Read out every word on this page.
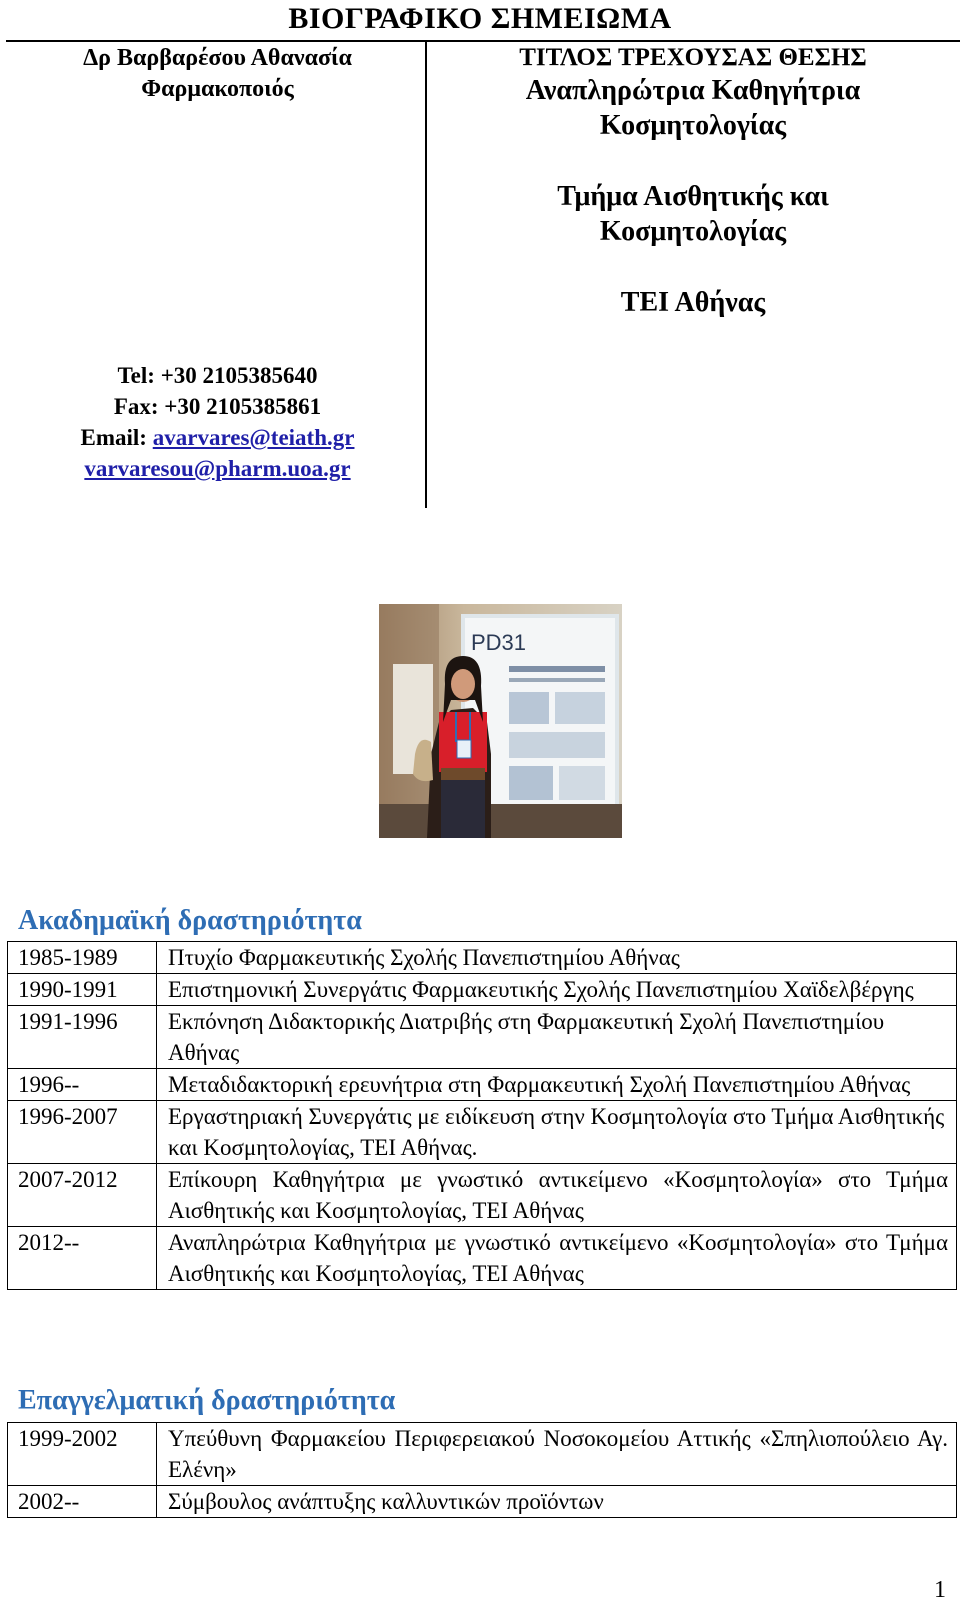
ΒΙΟΓΡΑΦΙΚΟ ΣΗΜΕΙΩΜΑ
Δρ Βαρβαρέσου Αθανασία
Φαρμακοποιός
ΤΙΤΛΟΣ ΤΡΕΧΟΥΣΑΣ ΘΕΣΗΣ
Αναπληρώτρια Καθηγήτρια
Κοσμητολογίας
Τμήμα Αισθητικής και
Κοσμητολογίας
ΤΕΙ Αθήνας
Tel: +30 2105385640
Fax: +30 2105385861
Email: avarvares@teiath.gr
varvaresou@pharm.uoa.gr
PD31
Ακαδημαϊκή δραστηριότητα
1985-1989	Πτυχίο Φαρμακευτικής Σχολής Πανεπιστημίου Αθήνας
1990-1991	Επιστημονική Συνεργάτις Φαρμακευτικής Σχολής Πανεπιστημίου Χαϊδελβέργης
1991-1996	Εκπόνηση Διδακτορικής Διατριβής στη Φαρμακευτική Σχολή Πανεπιστημίου Αθήνας
1996--	Μεταδιδακτορική ερευνήτρια στη Φαρμακευτική Σχολή Πανεπιστημίου Αθήνας
1996-2007	Εργαστηριακή Συνεργάτις με ειδίκευση στην Κοσμητολογία στο Τμήμα Αισθητικής και Κοσμητολογίας, ΤΕΙ Αθήνας.
2007-2012	Επίκουρη Καθηγήτρια με γνωστικό αντικείμενο «Κοσμητολογία» στο Τμήμα Αισθητικής και Κοσμητολογίας, ΤΕΙ Αθήνας
2012--	Αναπληρώτρια Καθηγήτρια με γνωστικό αντικείμενο «Κοσμητολογία» στο Τμήμα Αισθητικής και Κοσμητολογίας, ΤΕΙ Αθήνας
Επαγγελματική δραστηριότητα
1999-2002	Υπεύθυνη Φαρμακείου Περιφερειακού Νοσοκομείου Αττικής «Σπηλιοπούλειο Αγ. Ελένη»
2002--	Σύμβουλος ανάπτυξης καλλυντικών προϊόντων
1
